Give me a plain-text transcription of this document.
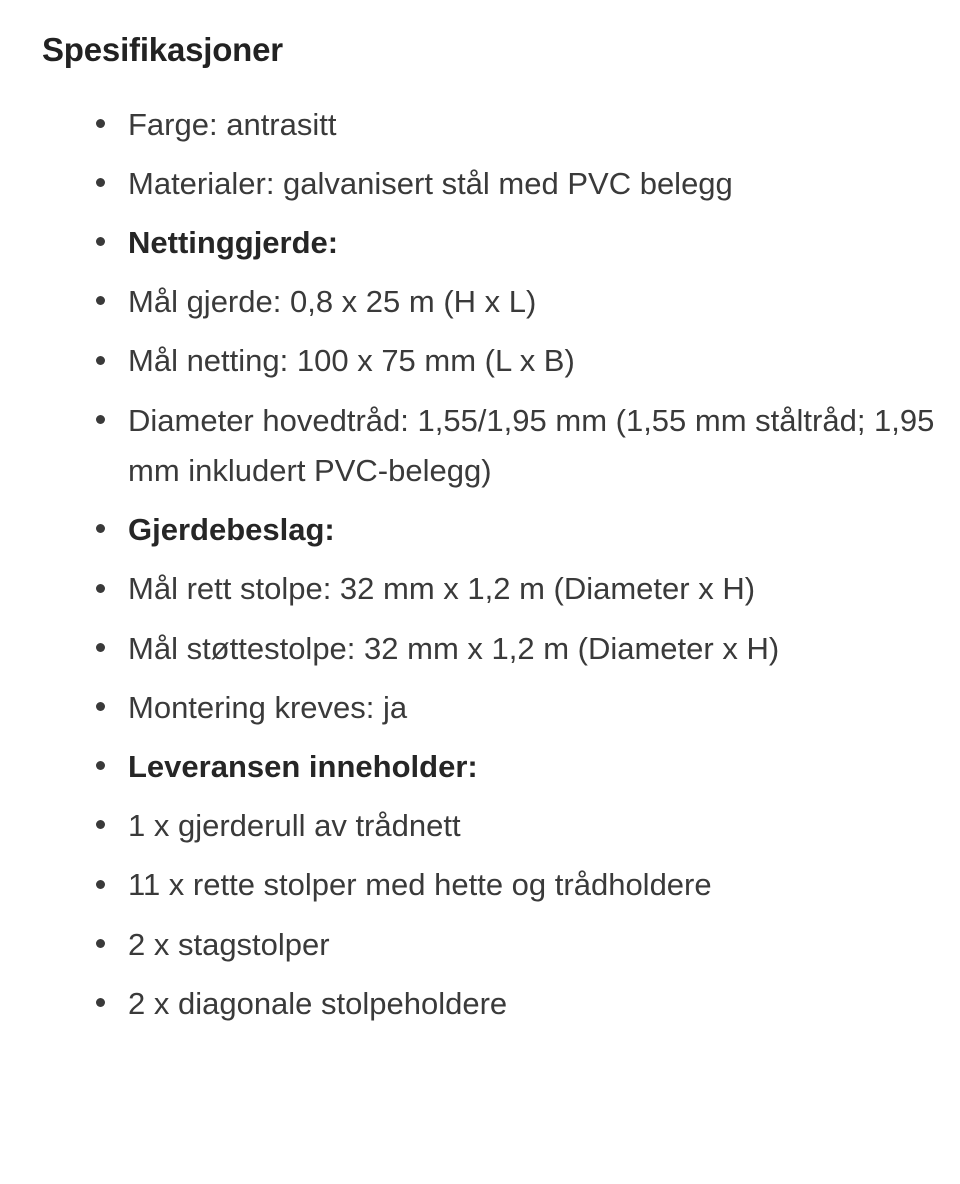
Spesifikasjoner
Farge: antrasitt
Materialer: galvanisert stål med PVC belegg
Nettinggjerde:
Mål gjerde: 0,8 x 25 m (H x L)
Mål netting: 100 x 75 mm (L x B)
Diameter hovedtråd: 1,55/1,95 mm (1,55 mm ståltråd; 1,95 mm inkludert PVC-belegg)
Gjerdebeslag:
Mål rett stolpe: 32 mm x 1,2 m (Diameter x H)
Mål støttestolpe: 32 mm x 1,2 m (Diameter x H)
Montering kreves: ja
Leveransen inneholder:
1 x gjerderull av trådnett
11 x rette stolper med hette og trådholdere
2 x stagstolper
2 x diagonale stolpeholdere
